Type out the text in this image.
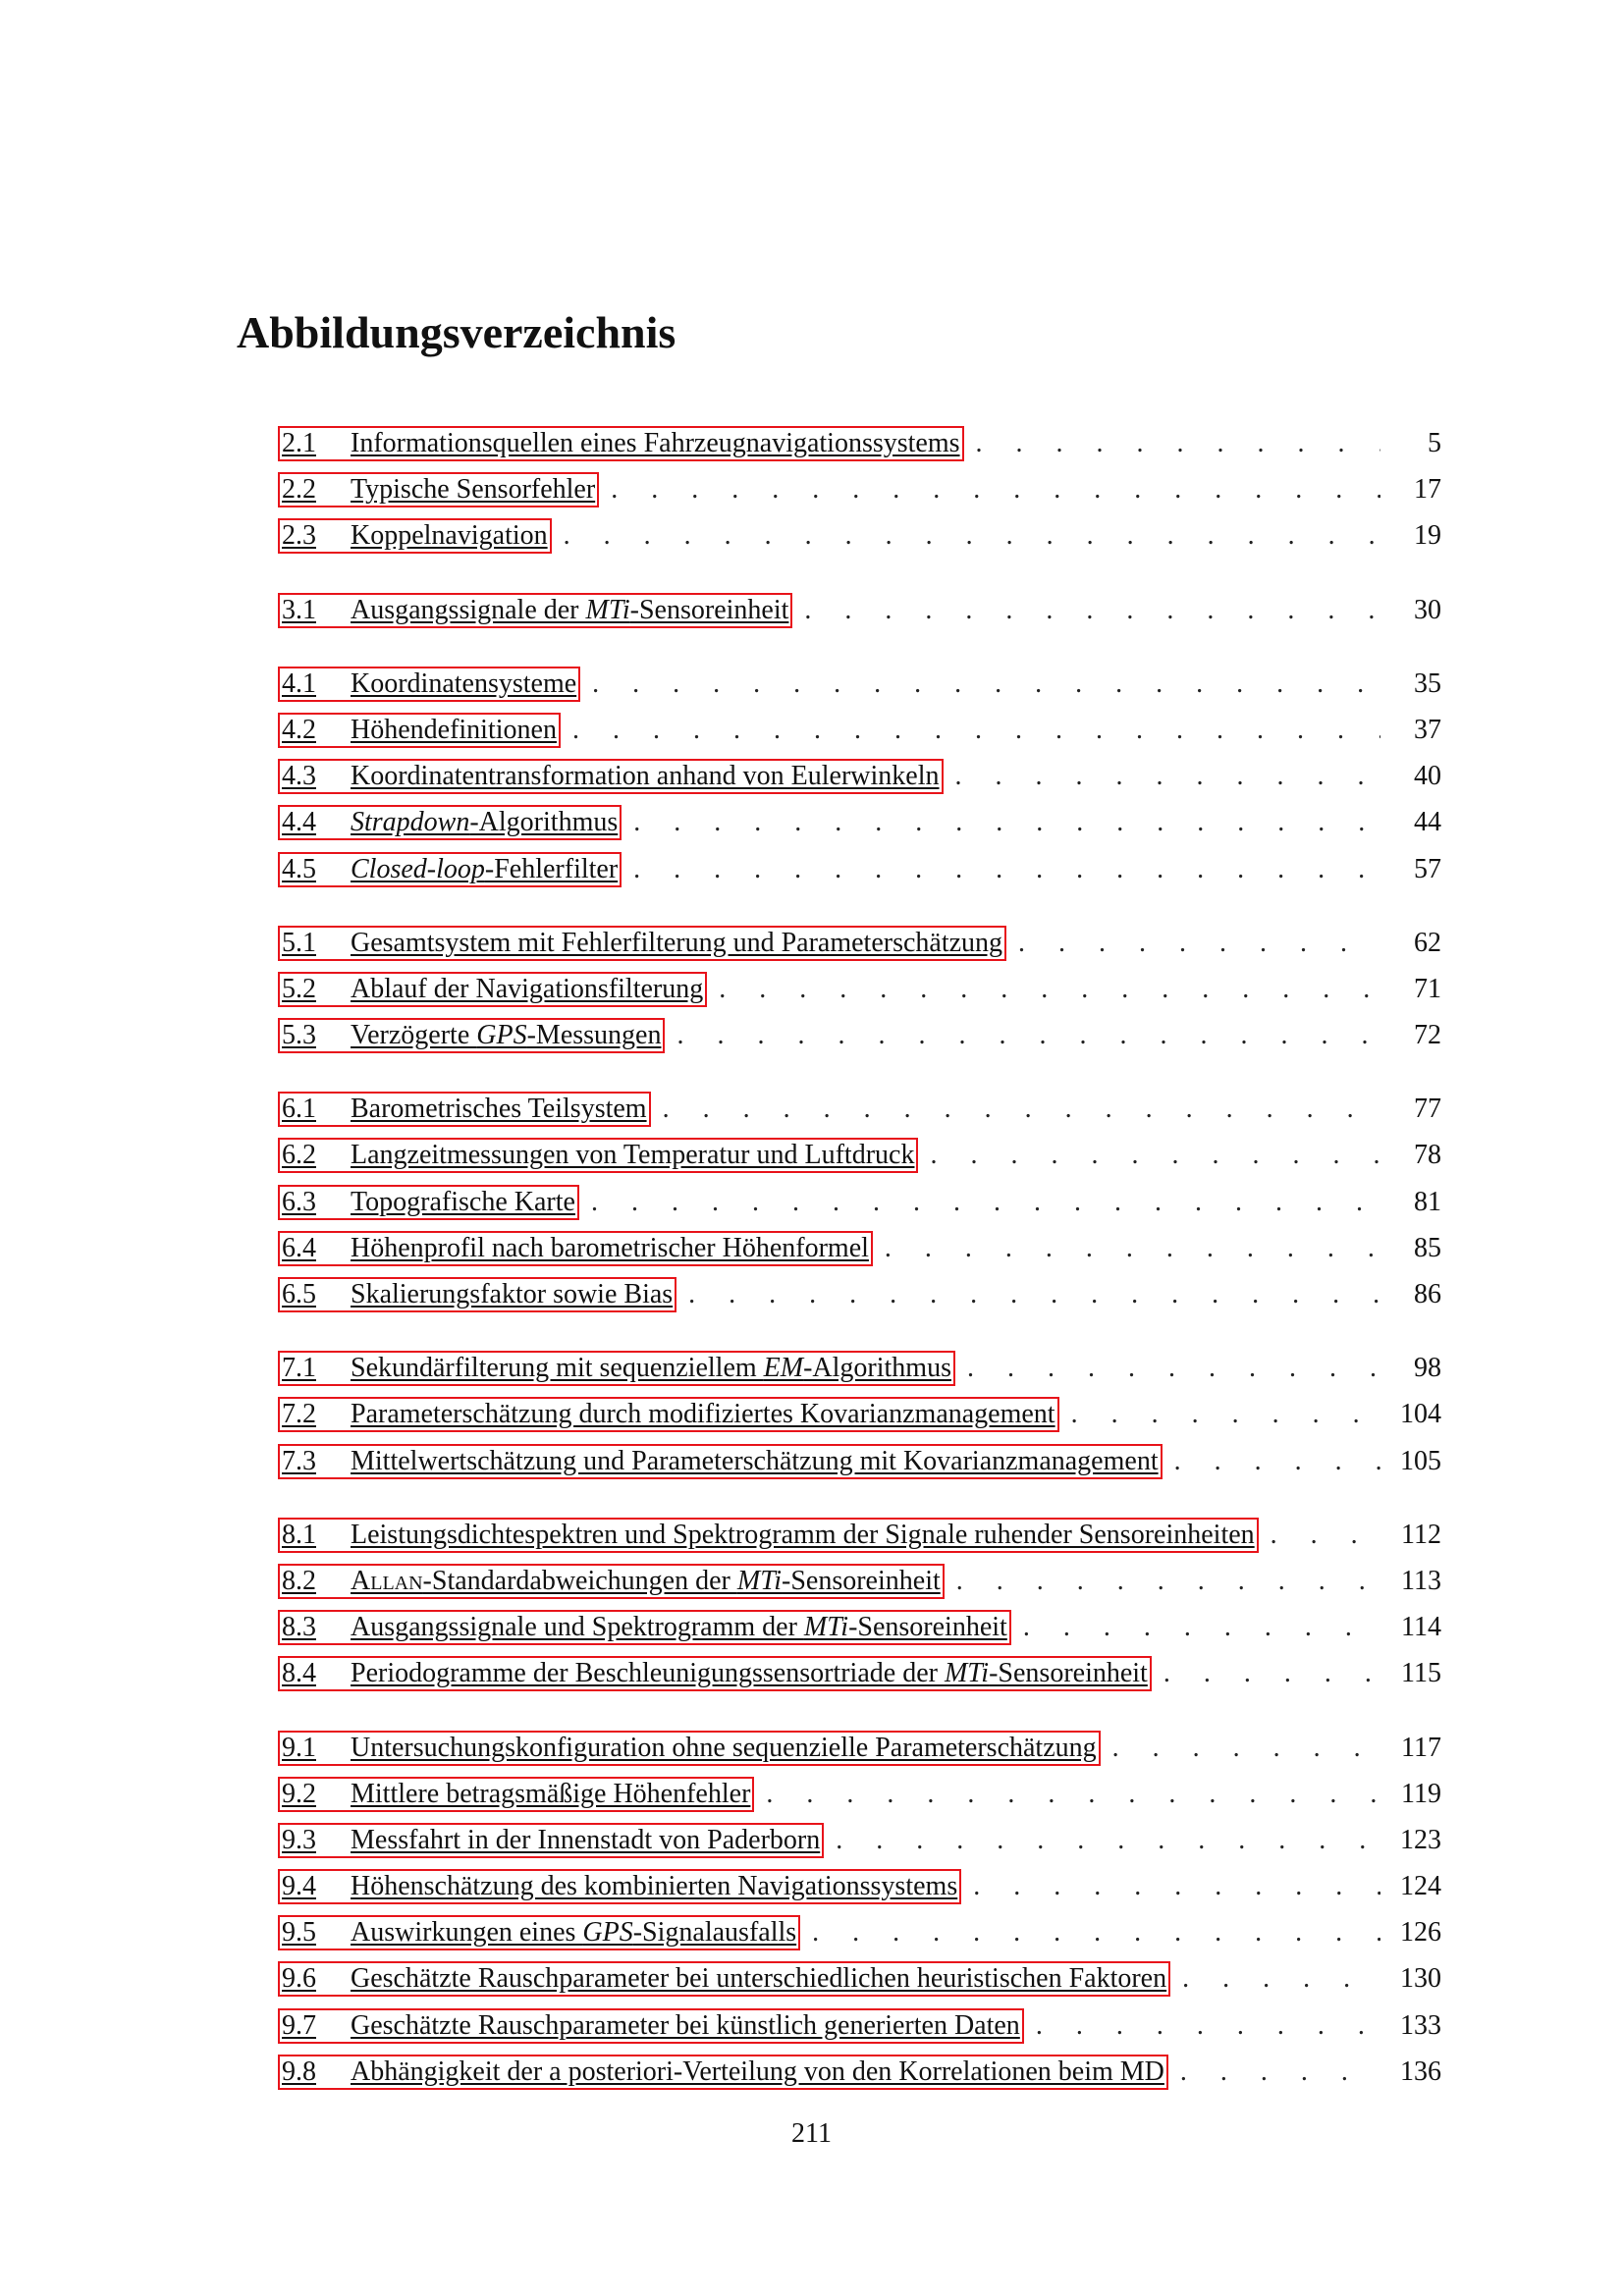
Abbildungsverzeichnis
2.1 Informationsquellen eines Fahrzeugnavigationssystems . . .	5
2.2 Typische Sensorfehler . . .	17
2.3 Koppelnavigation . . .	19
3.1 Ausgangssignale der MTi-Sensoreinheit . . .	30
4.1 Koordinatensysteme . . .	35
4.2 Höhendefinitionen . . .	37
4.3 Koordinatentransformation anhand von Eulerwinkeln . . .	40
4.4 Strapdown-Algorithmus . . .	44
4.5 Closed-loop-Fehlerfilter . . .	57
5.1 Gesamtsystem mit Fehlerfilterung und Parameterschätzung . . .	62
5.2 Ablauf der Navigationsfilterung . . .	71
5.3 Verzögerte GPS-Messungen . . .	72
6.1 Barometrisches Teilsystem . . .	77
6.2 Langzeitmessungen von Temperatur und Luftdruck . . .	78
6.3 Topografische Karte . . .	81
6.4 Höhenprofil nach barometrischer Höhenformel . . .	85
6.5 Skalierungsfaktor sowie Bias . . .	86
7.1 Sekundärfilterung mit sequenziellem EM-Algorithmus . . .	98
7.2 Parameterschätzung durch modifiziertes Kovarianzmanagement . . .	104
7.3 Mittelwertschätzung und Parameterschätzung mit Kovarianzmanagement . . .	105
8.1 Leistungsdichtespektren und Spektrogramm der Signale ruhender Sensoreinheiten . . .	112
8.2 Allan-Standardabweichungen der MTi-Sensoreinheit . . .	113
8.3 Ausgangssignale und Spektrogramm der MTi-Sensoreinheit . . .	114
8.4 Periodogramme der Beschleunigungssensortriade der MTi-Sensoreinheit . . .	115
9.1 Untersuchungskonfiguration ohne sequenzielle Parameterschätzung . . .	117
9.2 Mittlere betragsmäßige Höhenfehler . . .	119
9.3 Messfahrt in der Innenstadt von Paderborn . . .	123
9.4 Höhenschätzung des kombinierten Navigationssystems . . .	124
9.5 Auswirkungen eines GPS-Signalausfalls . . .	126
9.6 Geschätzte Rauschparameter bei unterschiedlichen heuristischen Faktoren . . .	130
9.7 Geschätzte Rauschparameter bei künstlich generierten Daten . . .	133
9.8 Abhängigkeit der a posteriori-Verteilung von den Korrelationen beim MD . . .	136
211
